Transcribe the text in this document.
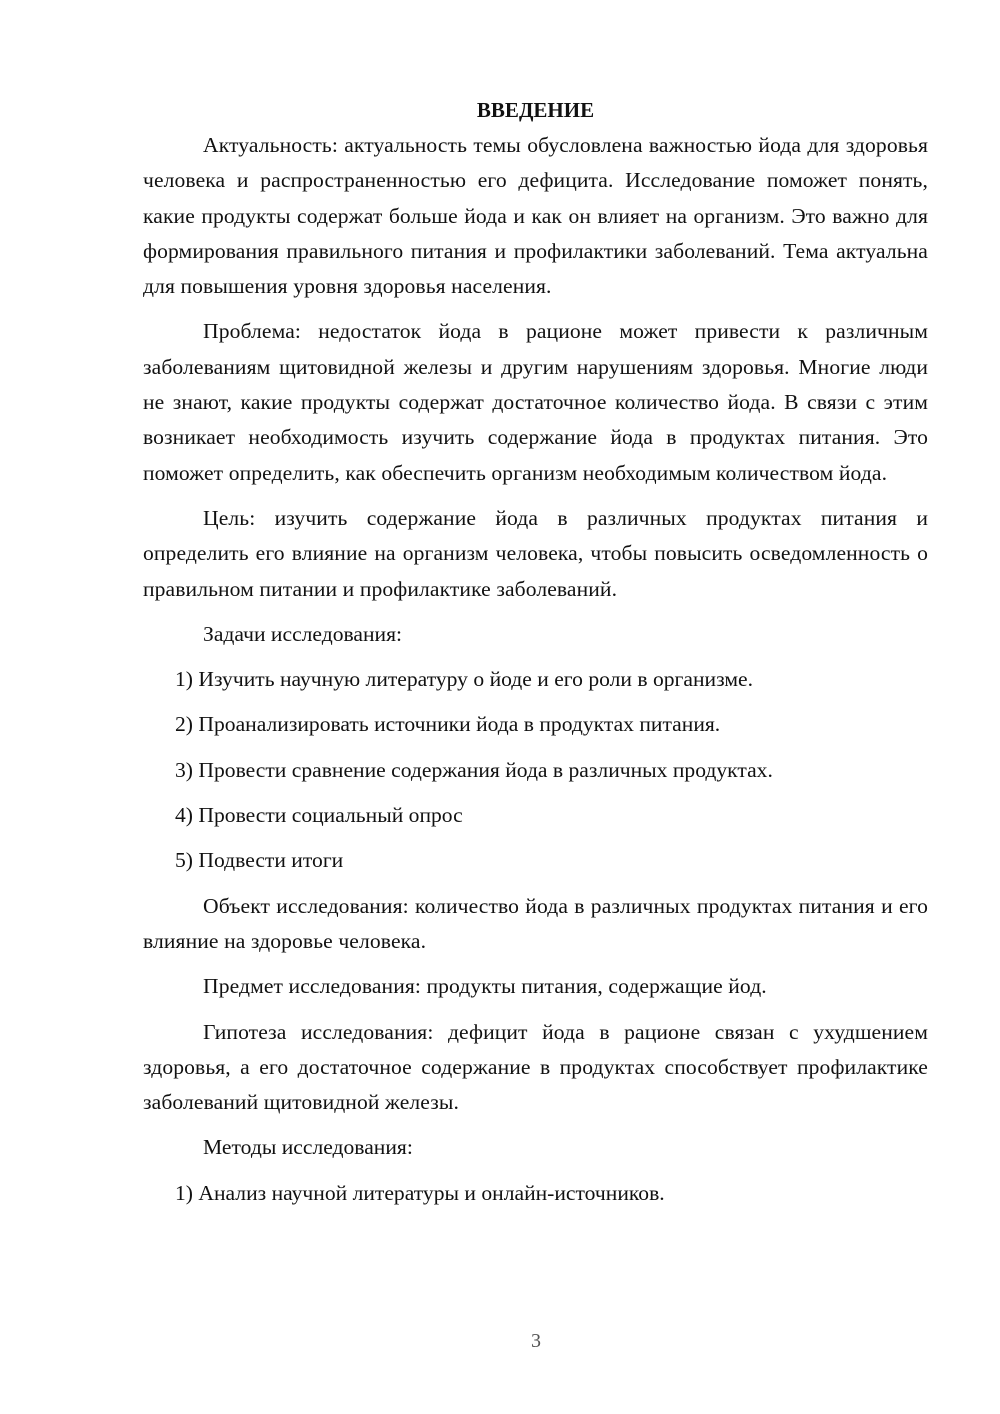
ВВЕДЕНИЕ

Актуальность: актуальность темы обусловлена важностью йода для здоровья человека и распространенностью его дефицита. Исследование поможет понять, какие продукты содержат больше йода и как он влияет на организм. Это важно для формирования правильного питания и профилактики заболеваний. Тема актуальна для повышения уровня здоровья населения.

Проблема: недостаток йода в рационе может привести к различным заболеваниям щитовидной железы и другим нарушениям здоровья. Многие люди не знают, какие продукты содержат достаточное количество йода. В связи с этим возникает необходимость изучить содержание йода в продуктах питания. Это поможет определить, как обеспечить организм необходимым количеством йода.

Цель: изучить содержание йода в различных продуктах питания и определить его влияние на организм человека, чтобы повысить осведомленность о правильном питании и профилактике заболеваний.

Задачи исследования:

1) Изучить научную литературу о йоде и его роли в организме.

2) Проанализировать источники йода в продуктах питания.

3) Провести сравнение содержания йода в различных продуктах.

4) Провести социальный опрос

5) Подвести итоги

Объект исследования: количество йода в различных продуктах питания и его влияние на здоровье человека.

Предмет исследования: продукты питания, содержащие йод.

Гипотеза исследования: дефицит йода в рационе связан с ухудшением здоровья, а его достаточное содержание в продуктах способствует профилактике заболеваний щитовидной железы.

Методы исследования:

1) Анализ научной литературы и онлайн-источников.

3
